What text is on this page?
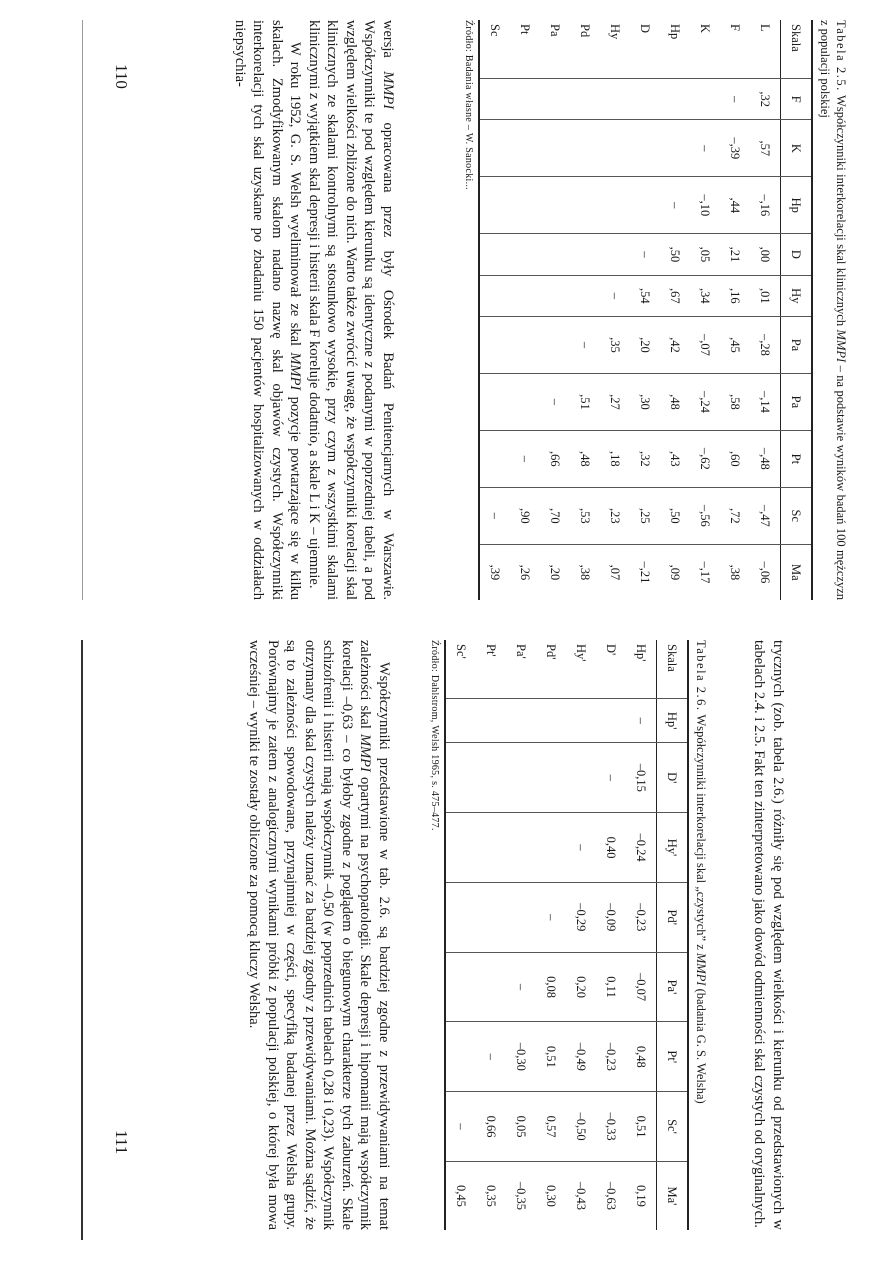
Tabela 2.5. Współczynniki interkorelacji skal klinicznych MMPI – na podstawie wyników badań 100 mężczyzn z populacji polskiej

Skala	F	K	Hp	D	Hy	Pa	Pa	Pt	Sc	Ma
L	,32	,57	–,16	,00	,01	–,28	–,14	–,48	–,47	–,06
F	–	–,39	,44	,21	,16	,45	,58	,60	,72	,38
K		–	–,10	,05	,34	–,07	–,24	–,62	–,56	–,17
Hp			–	,50	,67	,42	,48	,43	,50	,09
D				–	,54	,20	,30	,32	,25	–,21
Hy					–	,35	,27	,18	,23	,07
Pd						–	,51	,48	,53	,38
Pa							–	,66	,70	,20
Pt								–	,90	,26
Sc									–	,39
Źródło: Badania własne – W. Sanocki...

wersja MMPI opracowana przez były Ośrodek Badań Penitencjarnych w Warszawie. Współczynniki te pod względem kierunku są identyczne z podanymi w poprzedniej tabeli, a pod względem wielkości zbliżone do nich. Warto także zwrócić uwagę, że współczynniki korelacji skal klinicznych ze skalami kontrolnymi są stosunkowo wysokie, przy czym z wszystkimi skalami klinicznymi z wyjątkiem skal depresji i histerii skala F koreluje dodatnio, a skale L i K – ujemnie.

W roku 1952, G. S. Welsh wyeliminował ze skal MMPI pozycje powtarzające się w kilku skalach. Zmodyfikowanym skalom nadano nazwę skal objawów czystych. Współczynniki interkorelacji tych skal uzyskane po zbadaniu 150 pacjentów hospitalizowanych w oddziałach niepsychia-

110
trycznych (zob. tabela 2.6.) różniły się pod względem wielkości i kierunku od przedstawionych w tabelach 2.4. i 2.5. Fakt ten zinterpretowano jako dowód odmienności skal czystych od oryginalnych.

Tabela 2.6. Współczynniki interkorelacji skal „czystych” z MMPI (badania G. S. Welsha)

Skala	Hp'	D'	Hy'	Pd'	Pa'	Pt'	Sc'	Ma'
Hp'	–	–0,15	–0,24	–0,23	–0,07	0,48	0,51	0,19
D'		–	0,40	–0,09	0,11	–0,23	–0,33	–0,63
Hy'			–	–0,29	0,20	–0,49	–0,50	–0,43
Pd'				–	0,08	0,51	0,57	0,30
Pa'					–	–0,30	0,05	–0,35
Pt'						–	0,66	0,35
Sc'							–	0,45
Źródło: Dahlstrom, Welsh 1965, s. 475–477.

Współczynniki przedstawione w tab. 2.6. są bardziej zgodne z przewidywaniami na temat zależności skal MMPI opartymi na psychopatologii. Skale depresji i hipomanii mają współczynnik korelacji –0,63 – co byłoby zgodne z poglądem o biegunowym charakterze tych zaburzeń. Skale schizofrenii i histerii mają współczynnik –0,50 (w poprzednich tabelach 0,28 i 0,23). Współczynnik otrzymany dla skal czystych należy uznać za bardziej zgodny z przewidywaniami. Można sądzić, że są to zależności spowodowane, przynajmniej w części, specyfiką badanej przez Welsha grupy. Porównajmy je zatem z analogicznymi wynikami próbki z populacji polskiej, o której była mowa wcześniej – wyniki te zostały obliczone za pomocą kluczy Welsha.

111
